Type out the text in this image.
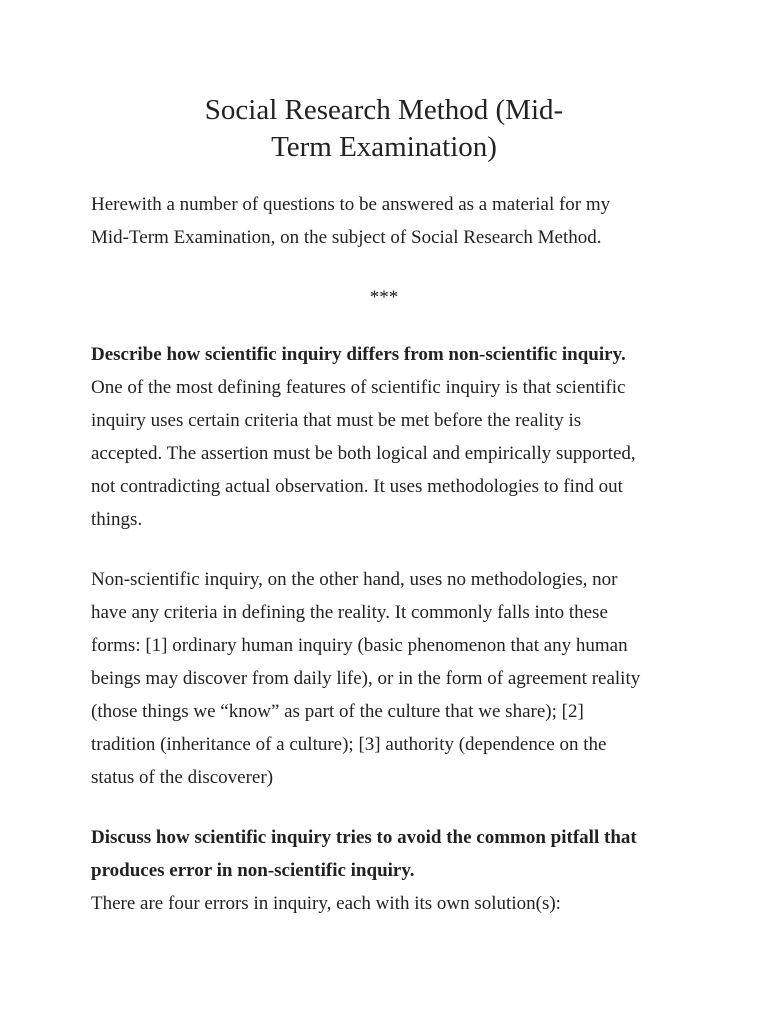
Social Research Method (Mid-
Term Examination)

Herewith a number of questions to be answered as a material for my
Mid-Term Examination, on the subject of Social Research Method.

***

Describe how scientific inquiry differs from non-scientific inquiry.

One of the most defining features of scientific inquiry is that scientific
inquiry uses certain criteria that must be met before the reality is
accepted. The assertion must be both logical and empirically supported,
not contradicting actual observation. It uses methodologies to find out
things.

Non-scientific inquiry, on the other hand, uses no methodologies, nor
have any criteria in defining the reality. It commonly falls into these
forms: [1] ordinary human inquiry (basic phenomenon that any human
beings may discover from daily life), or in the form of agreement reality
(those things we “know” as part of the culture that we share); [2]
tradition (inheritance of a culture); [3] authority (dependence on the
status of the discoverer)

Discuss how scientific inquiry tries to avoid the common pitfall that
produces error in non-scientific inquiry.

There are four errors in inquiry, each with its own solution(s):
